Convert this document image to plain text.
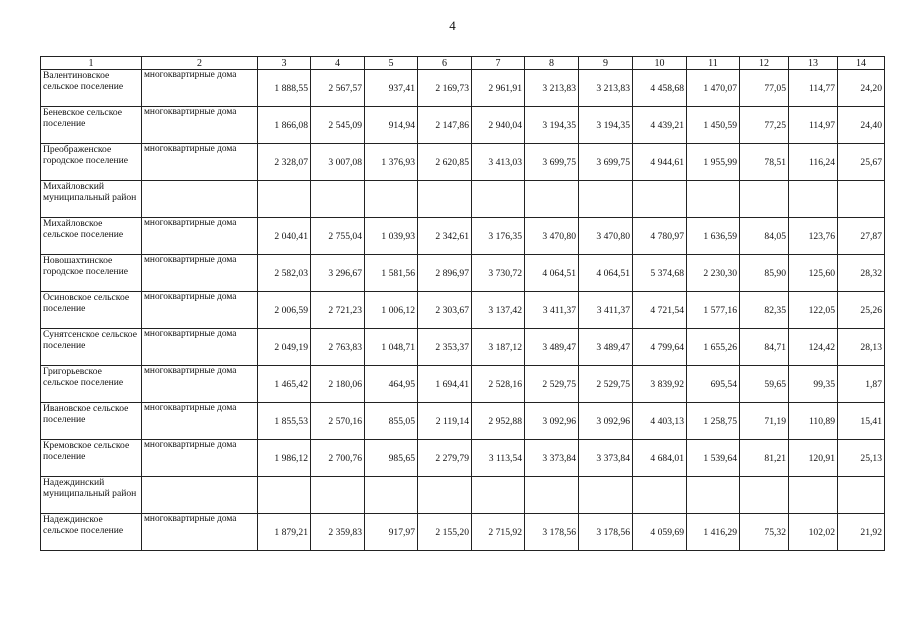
4
1	2	3	4	5	6	7	8	9	10	11	12	13	14
Валентиновское сельское поселение	многоквартирные дома	1 888,55	2 567,57	937,41	2 169,73	2 961,91	3 213,83	3 213,83	4 458,68	1 470,07	77,05	114,77	24,20
Беневское сельское поселение	многоквартирные дома	1 866,08	2 545,09	914,94	2 147,86	2 940,04	3 194,35	3 194,35	4 439,21	1 450,59	77,25	114,97	24,40
Преображенское городское поселение	многоквартирные дома	2 328,07	3 007,08	1 376,93	2 620,85	3 413,03	3 699,75	3 699,75	4 944,61	1 955,99	78,51	116,24	25,67
Михайловский муниципальный район													
Михайловское сельское поселение	многоквартирные дома	2 040,41	2 755,04	1 039,93	2 342,61	3 176,35	3 470,80	3 470,80	4 780,97	1 636,59	84,05	123,76	27,87
Новошахтинское городское поселение	многоквартирные дома	2 582,03	3 296,67	1 581,56	2 896,97	3 730,72	4 064,51	4 064,51	5 374,68	2 230,30	85,90	125,60	28,32
Осиновское сельское поселение	многоквартирные дома	2 006,59	2 721,23	1 006,12	2 303,67	3 137,42	3 411,37	3 411,37	4 721,54	1 577,16	82,35	122,05	25,26
Сунятсенское сельское поселение	многоквартирные дома	2 049,19	2 763,83	1 048,71	2 353,37	3 187,12	3 489,47	3 489,47	4 799,64	1 655,26	84,71	124,42	28,13
Григорьевское сельское поселение	многоквартирные дома	1 465,42	2 180,06	464,95	1 694,41	2 528,16	2 529,75	2 529,75	3 839,92	695,54	59,65	99,35	1,87
Ивановское сельское поселение	многоквартирные дома	1 855,53	2 570,16	855,05	2 119,14	2 952,88	3 092,96	3 092,96	4 403,13	1 258,75	71,19	110,89	15,41
Кремовское сельское поселение	многоквартирные дома	1 986,12	2 700,76	985,65	2 279,79	3 113,54	3 373,84	3 373,84	4 684,01	1 539,64	81,21	120,91	25,13
Надеждинский муниципальный район													
Надеждинское сельское поселение	многоквартирные дома	1 879,21	2 359,83	917,97	2 155,20	2 715,92	3 178,56	3 178,56	4 059,69	1 416,29	75,32	102,02	21,92
